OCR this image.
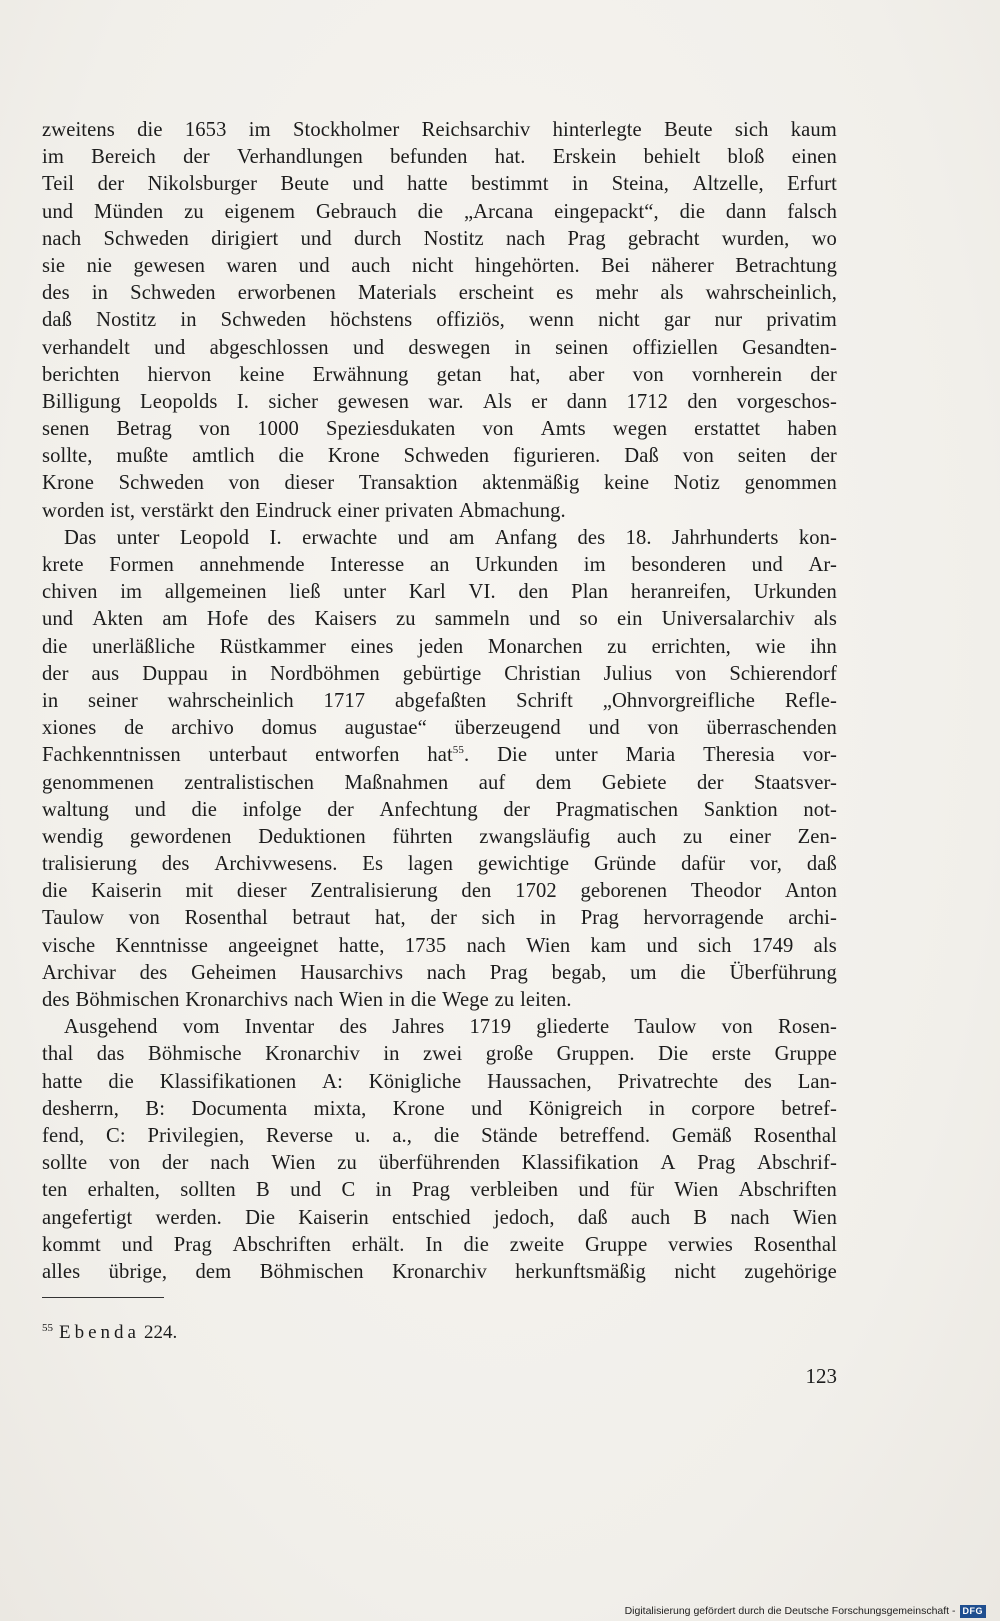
zweitens die 1653 im Stockholmer Reichsarchiv hinterlegte Beute sich kaum
im Bereich der Verhandlungen befunden hat. Erskein behielt bloß einen
Teil der Nikolsburger Beute und hatte bestimmt in Steina, Altzelle, Erfurt
und Münden zu eigenem Gebrauch die „Arcana eingepackt“, die dann falsch
nach Schweden dirigiert und durch Nostitz nach Prag gebracht wurden, wo
sie nie gewesen waren und auch nicht hingehörten. Bei näherer Betrachtung
des in Schweden erworbenen Materials erscheint es mehr als wahrscheinlich,
daß Nostitz in Schweden höchstens offiziös, wenn nicht gar nur privatim
verhandelt und abgeschlossen und deswegen in seinen offiziellen Gesandten-
berichten hiervon keine Erwähnung getan hat, aber von vornherein der
Billigung Leopolds I. sicher gewesen war. Als er dann 1712 den vorgeschos-
senen Betrag von 1000 Speziesdukaten von Amts wegen erstattet haben
sollte, mußte amtlich die Krone Schweden figurieren. Daß von seiten der
Krone Schweden von dieser Transaktion aktenmäßig keine Notiz genommen
worden ist, verstärkt den Eindruck einer privaten Abmachung.
Das unter Leopold I. erwachte und am Anfang des 18. Jahrhunderts kon-
krete Formen annehmende Interesse an Urkunden im besonderen und Ar-
chiven im allgemeinen ließ unter Karl VI. den Plan heranreifen, Urkunden
und Akten am Hofe des Kaisers zu sammeln und so ein Universalarchiv als
die unerläßliche Rüstkammer eines jeden Monarchen zu errichten, wie ihn
der aus Duppau in Nordböhmen gebürtige Christian Julius von Schierendorf
in seiner wahrscheinlich 1717 abgefaßten Schrift „Ohnvorgreifliche Refle-
xiones de archivo domus augustae“ überzeugend und von überraschenden
Fachkenntnissen unterbaut entworfen hat$^{55}$. Die unter Maria Theresia vor-
genommenen zentralistischen Maßnahmen auf dem Gebiete der Staatsver-
waltung und die infolge der Anfechtung der Pragmatischen Sanktion not-
wendig gewordenen Deduktionen führten zwangsläufig auch zu einer Zen-
tralisierung des Archivwesens. Es lagen gewichtige Gründe dafür vor, daß
die Kaiserin mit dieser Zentralisierung den 1702 geborenen Theodor Anton
Taulow von Rosenthal betraut hat, der sich in Prag hervorragende archi-
vische Kenntnisse angeeignet hatte, 1735 nach Wien kam und sich 1749 als
Archivar des Geheimen Hausarchivs nach Prag begab, um die Überführung
des Böhmischen Kronarchivs nach Wien in die Wege zu leiten.
Ausgehend vom Inventar des Jahres 1719 gliederte Taulow von Rosen-
thal das Böhmische Kronarchiv in zwei große Gruppen. Die erste Gruppe
hatte die Klassifikationen A: Königliche Haussachen, Privatrechte des Lan-
desherrn, B: Documenta mixta, Krone und Königreich in corpore betref-
fend, C: Privilegien, Reverse u. a., die Stände betreffend. Gemäß Rosenthal
sollte von der nach Wien zu überführenden Klassifikation A Prag Abschrif-
ten erhalten, sollten B und C in Prag verbleiben und für Wien Abschriften
angefertigt werden. Die Kaiserin entschied jedoch, daß auch B nach Wien
kommt und Prag Abschriften erhält. In die zweite Gruppe verwies Rosenthal
alles übrige, dem Böhmischen Kronarchiv herkunftsmäßig nicht zugehörige
$^{55}$ Ebenda 224.
123
Digitalisierung gefördert durch die Deutsche Forschungsgemeinschaft - DFG
